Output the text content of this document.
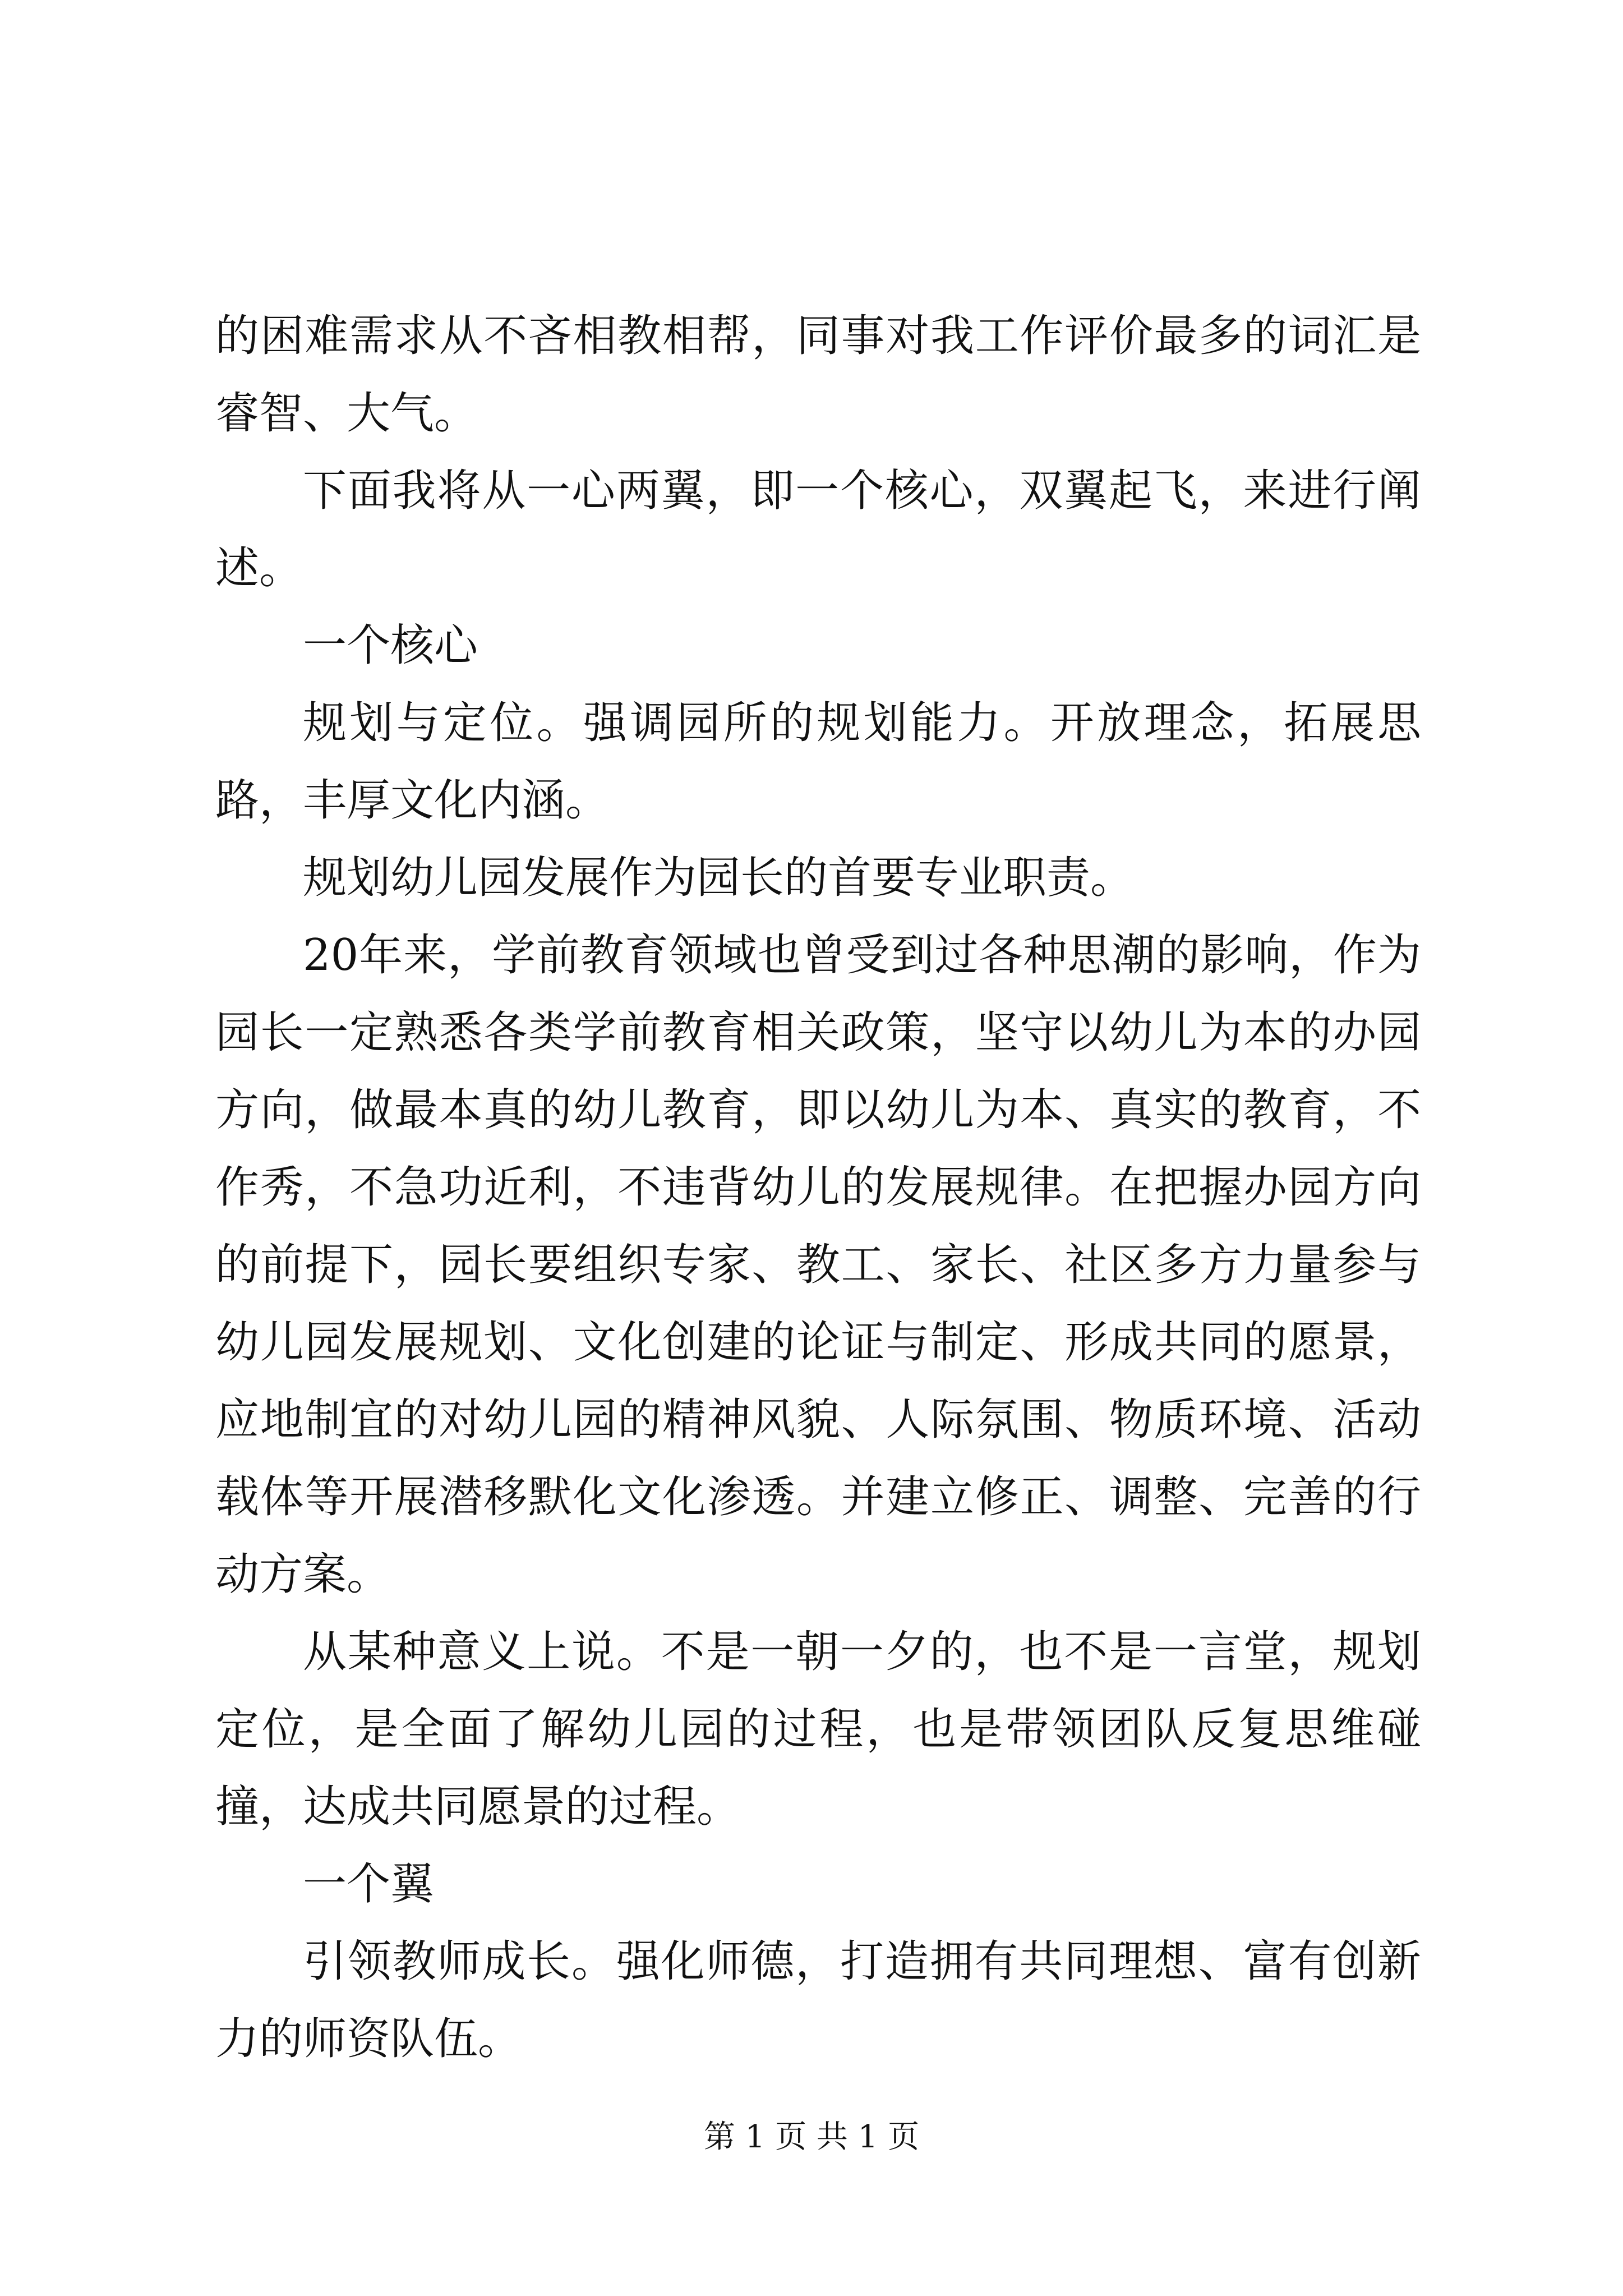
的困难需求从不吝相教相帮，同事对我工作评价最多的词汇是睿智、大气。

下面我将从一心两翼，即一个核心，双翼起飞，来进行阐述。

一个核心

规划与定位。强调园所的规划能力。开放理念，拓展思路，丰厚文化内涵。

规划幼儿园发展作为园长的首要专业职责。

20年来，学前教育领域也曾受到过各种思潮的影响，作为园长一定熟悉各类学前教育相关政策，坚守以幼儿为本的办园方向，做最本真的幼儿教育，即以幼儿为本、真实的教育，不作秀，不急功近利，不违背幼儿的发展规律。在把握办园方向的前提下，园长要组织专家、教工、家长、社区多方力量参与幼儿园发展规划、文化创建的论证与制定、形成共同的愿景，应地制宜的对幼儿园的精神风貌、人际氛围、物质环境、活动载体等开展潜移默化文化渗透。并建立修正、调整、完善的行动方案。

从某种意义上说。不是一朝一夕的，也不是一言堂，规划定位，是全面了解幼儿园的过程，也是带领团队反复思维碰撞，达成共同愿景的过程。

一个翼

引领教师成长。强化师德，打造拥有共同理想、富有创新力的师资队伍。

第 1 页 共 1 页
